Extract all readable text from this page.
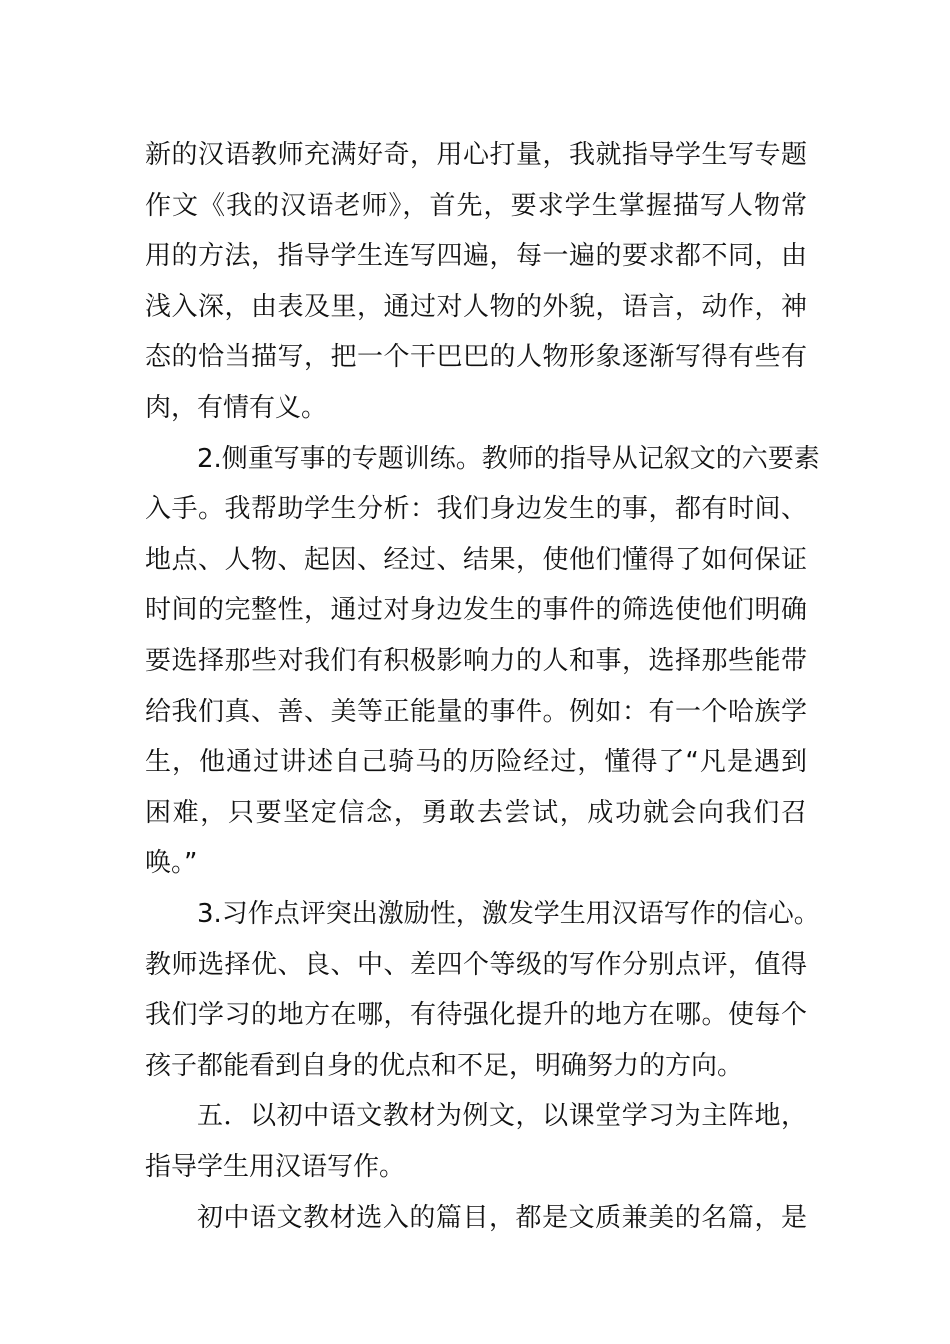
新的汉语教师充满好奇，用心打量，我就指导学生写专题
作文《我的汉语老师》，首先，要求学生掌握描写人物常
用的方法，指导学生连写四遍，每一遍的要求都不同，由
浅入深，由表及里，通过对人物的外貌，语言，动作，神
态的恰当描写，把一个干巴巴的人物形象逐渐写得有些有
肉，有情有义。
2.侧重写事的专题训练。教师的指导从记叙文的六要素
入手。我帮助学生分析：我们身边发生的事，都有时间、
地点、人物、起因、经过、结果，使他们懂得了如何保证
时间的完整性，通过对身边发生的事件的筛选使他们明确
要选择那些对我们有积极影响力的人和事，选择那些能带
给我们真、善、美等正能量的事件。例如：有一个哈族学
生，他通过讲述自己骑马的历险经过，懂得了“凡是遇到
困难，只要坚定信念，勇敢去尝试，成功就会向我们召
唤。”
3.习作点评突出激励性，激发学生用汉语写作的信心。
教师选择优、良、中、差四个等级的写作分别点评，值得
我们学习的地方在哪，有待强化提升的地方在哪。使每个
孩子都能看到自身的优点和不足，明确努力的方向。
五．以初中语文教材为例文，以课堂学习为主阵地，
指导学生用汉语写作。
初中语文教材选入的篇目，都是文质兼美的名篇，是
